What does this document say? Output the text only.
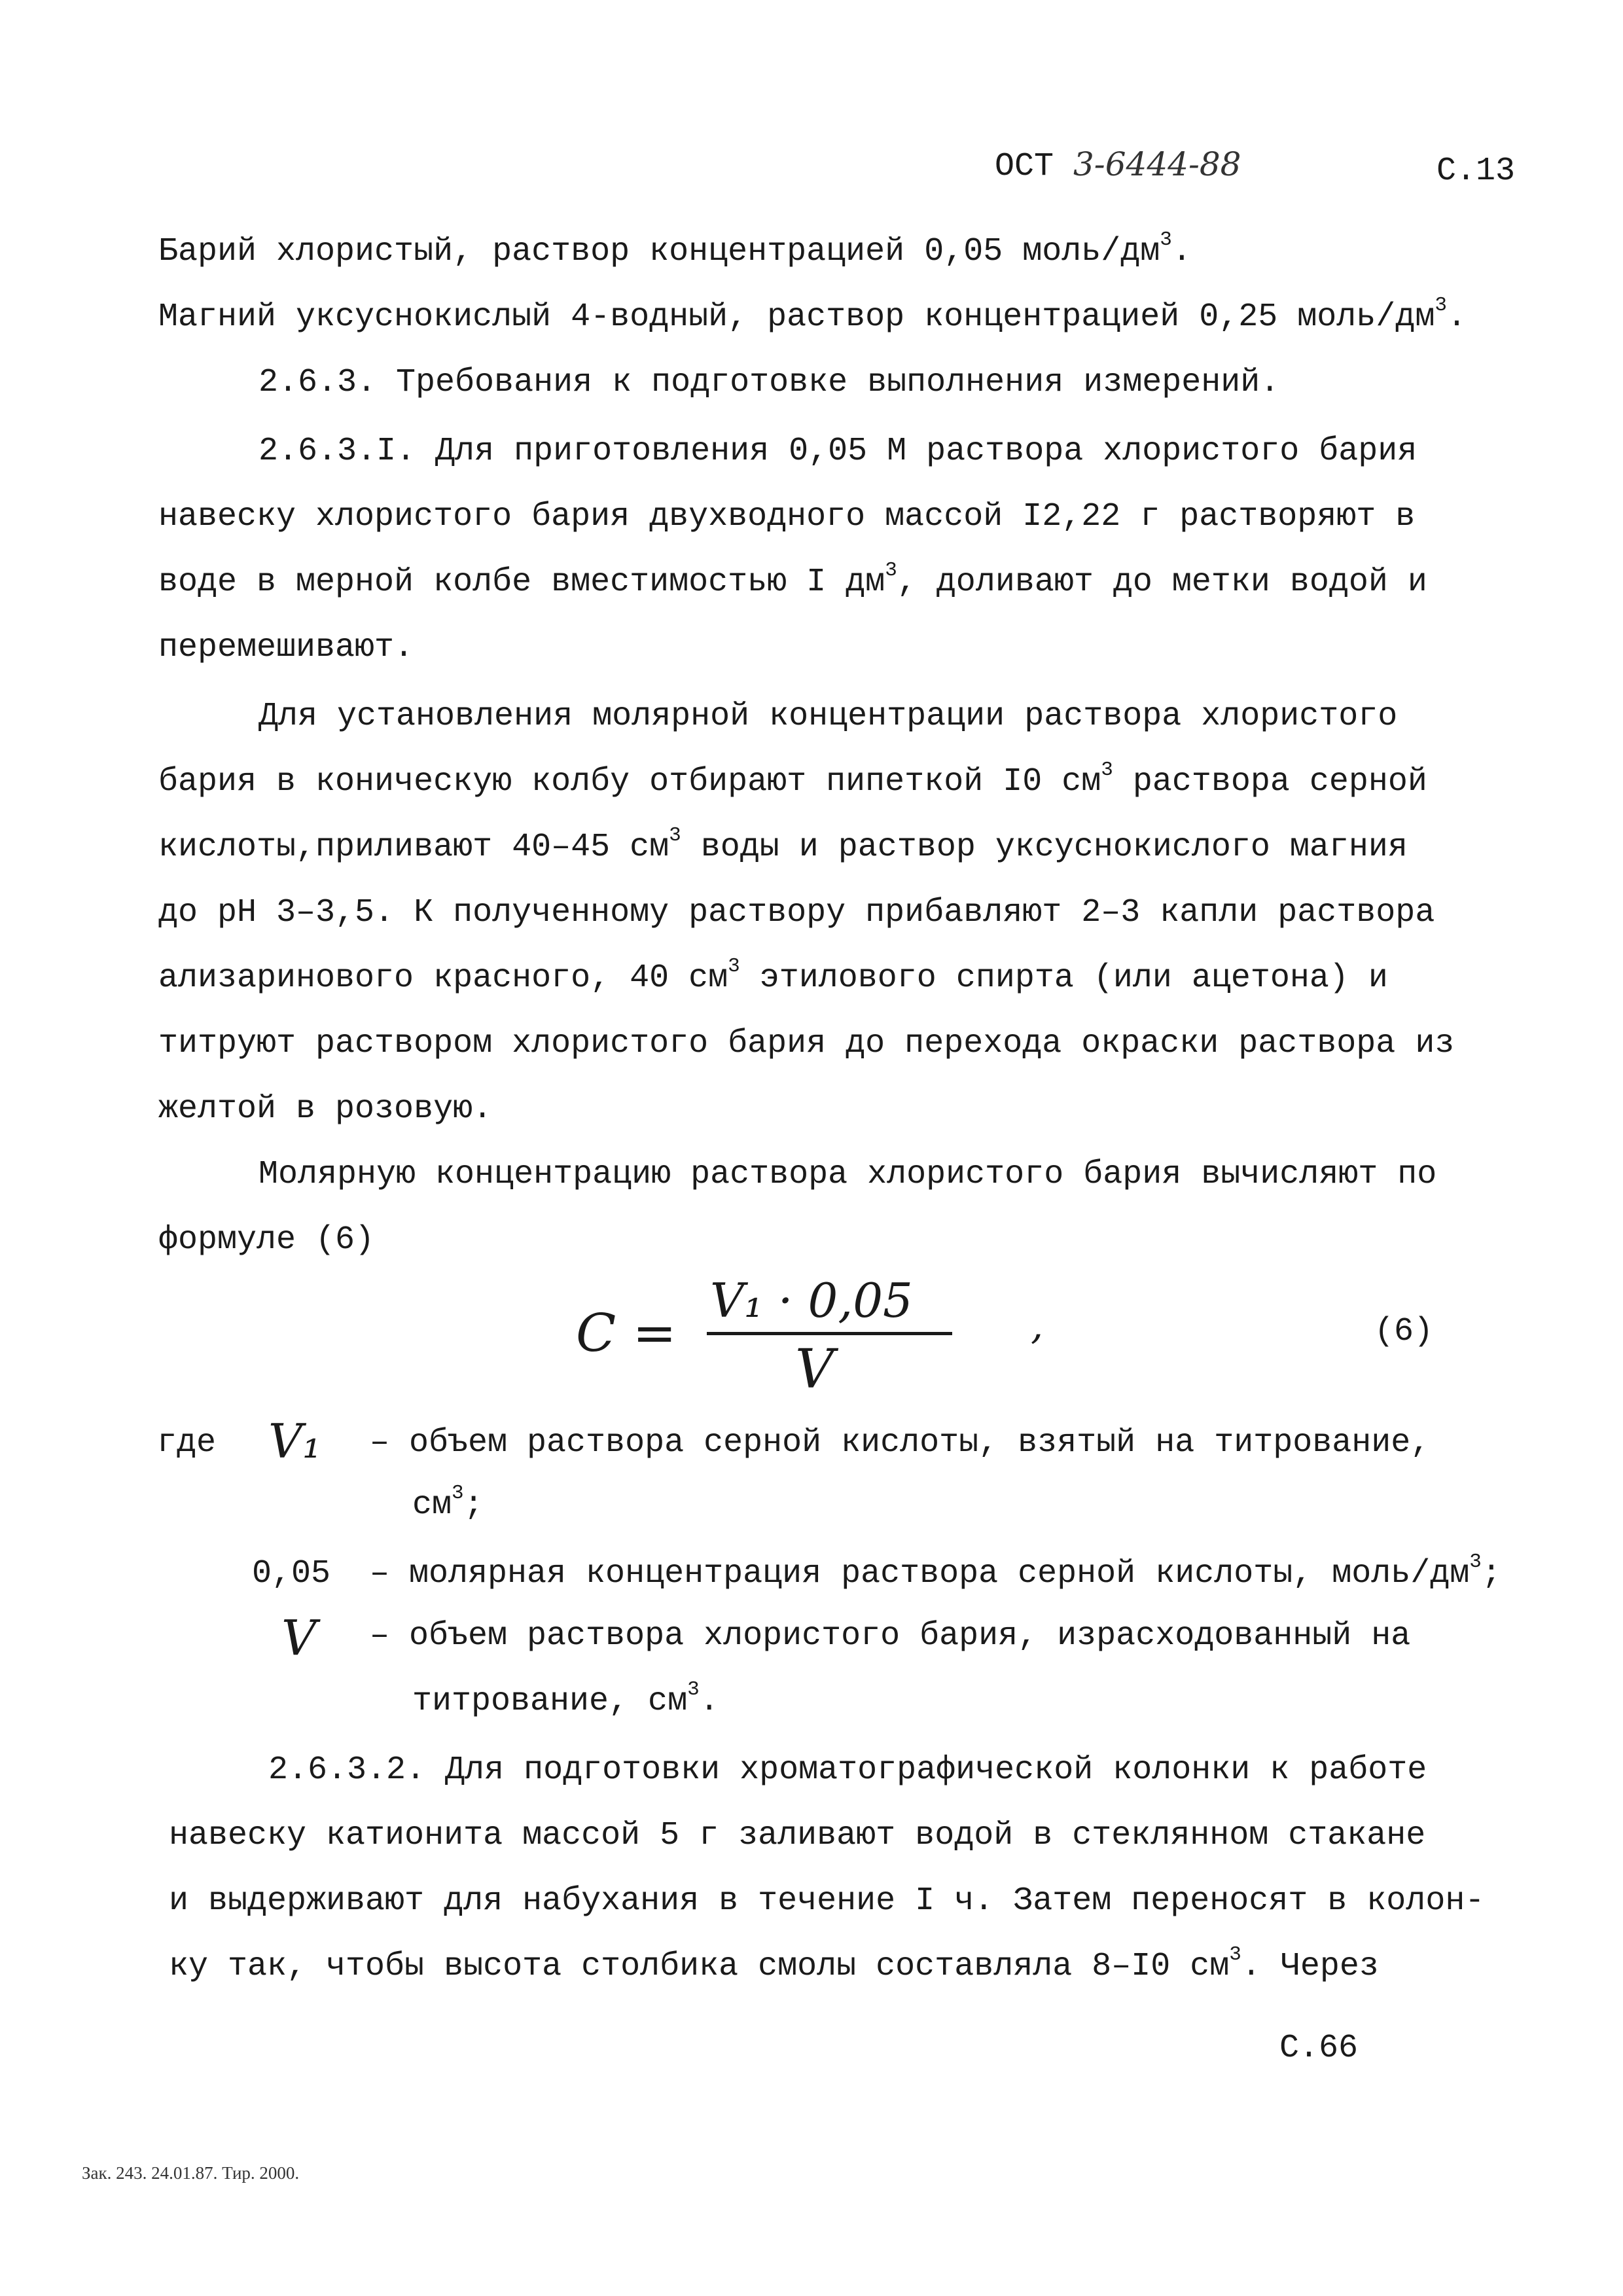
ОСТ 3-6444-88	С.13
Барий хлористый, раствор концентрацией 0,05 моль/$дм^3$.
Магний уксуснокислый 4-водный, раствор концентрацией 0,25 моль/$дм^3$.
2.6.3. Требования к подготовке выполнения измерений.
2.6.3.I. Для приготовления 0,05 М раствора хлористого бария
навеску хлористого бария двухводного массой I2,22 г растворяют в
воде в мерной колбе вместимостью I $дм^3$, доливают до метки водой и
перемешивают.
Для установления молярной концентрации раствора хлористого
бария в коническую колбу отбирают пипеткой I0 $см^3$ раствора серной
кислоты,приливают 40–45 $см^3$ воды и раствор уксуснокислого магния
до pH 3–3,5. К полученному раствору прибавляют 2–3 капли раствора
ализаринового красного, 40 $см^3$ этилового спирта (или ацетона) и
титруют раствором хлористого бария до перехода окраски раствора из
желтой в розовую.
Молярную концентрацию раствора хлористого бария вычисляют по
формуле (6)
С =
V₁ · 0,05
V
,	(6)
где V₁ – объем раствора серной кислоты, взятый на титрование,
$см^3$;
0,05 – молярная концентрация раствора серной кислоты, моль/$дм^3$;
V – объем раствора хлористого бария, израсходованный на
титрование, $см^3$.
2.6.3.2. Для подготовки хроматографической колонки к работе
навеску катионита массой 5 г заливают водой в стеклянном стакане
и выдерживают для набухания в течение I ч. Затем переносят в колон-
ку так, чтобы высота столбика смолы составляла 8–I0 $см^3$. Через
С.66
Зак. 243. 24.01.87. Тир. 2000.
